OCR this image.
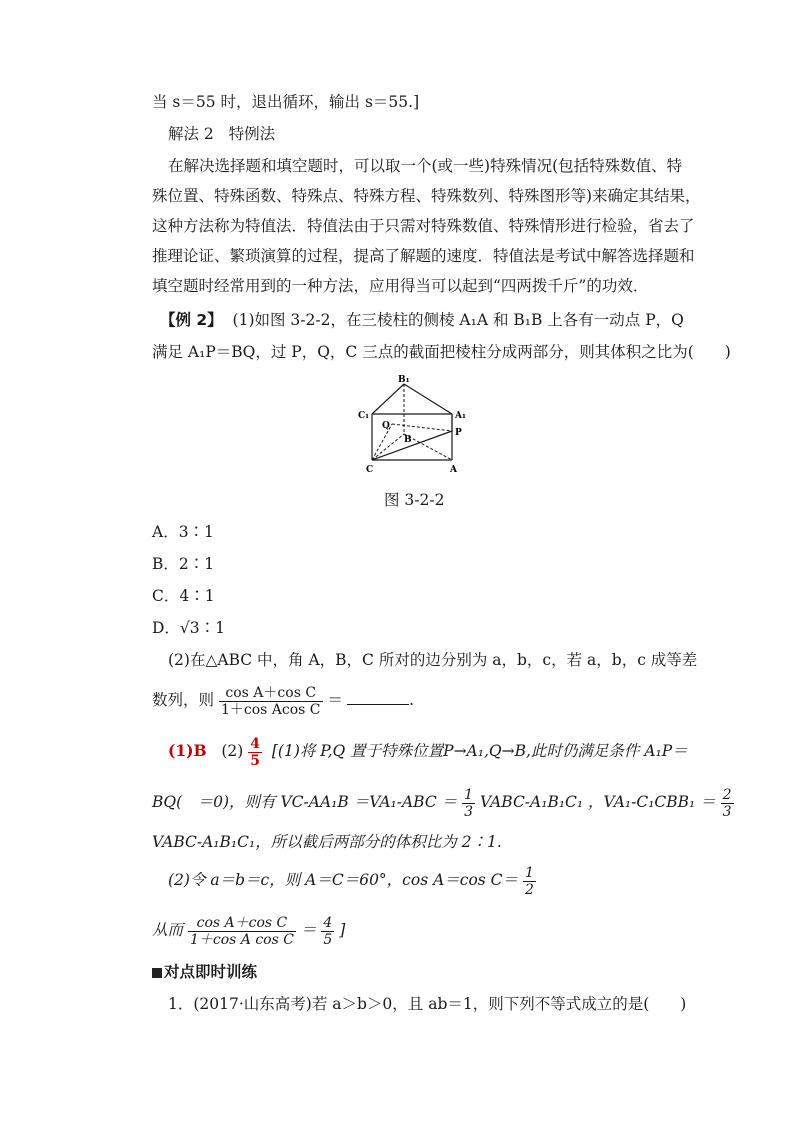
当 s＝55 时，退出循环，输出 s＝55.]
解法 2 特例法
在解决选择题和填空题时，可以取一个(或一些)特殊情况(包括特殊数值、特
殊位置、特殊函数、特殊点、特殊方程、特殊数列、特殊图形等)来确定其结果，
这种方法称为特值法．特值法由于只需对特殊数值、特殊情形进行检验，省去了
推理论证、繁琐演算的过程，提高了解题的速度．特值法是考试中解答选择题和
填空题时经常用到的一种方法，应用得当可以起到“四两拨千斤”的功效．
【例 2】 (1)如图 3-2-2，在三棱柱的侧棱 A₁A 和 B₁B 上各有一动点 P，Q
满足 A₁P＝BQ，过 P，Q，C 三点的截面把棱柱分成两部分，则其体积之比为(　　)
B₁
C₁	A₁
Q
B
P
C	A
图 3-2-2
A．3∶1
B．2∶1
C．4∶1
D．√3∶1
(2)在△ABC 中，角 A，B，C 所对的边分别为 a，b，c，若 a，b，c 成等差
数列，则 $\frac{\text{cos A＋cos C}}{\text{1＋cos Acos C}}$ ＝	.
(1)B $(2) \frac{4}{5} [(1)$将 P,Q 置于特殊位置P→A₁,Q→B,此时仍满足条件 A₁P＝
BQ(　＝0)，则有 $VC-AA_1B =VA_1-ABC = \frac{1}{3}$ VABC-A₁B₁C₁ ，$VA_1-C_1CBB_1 = \frac{2}{3}$
VABC-A₁B₁C₁，所以截后两部分的体积比为 2∶1.
(2)令 a＝b＝c，则 A＝C＝60°，cos A＝cos $C= \frac{1}{2}$
从而 $\frac{\text{cos A＋cos C}}{\text{1＋cos A cos C}} = \frac{4}{5}$ ]
对点即时训练
1．(2017·山东高考)若 a＞b＞0，且 ab＝1，则下列不等式成立的是(　　)
